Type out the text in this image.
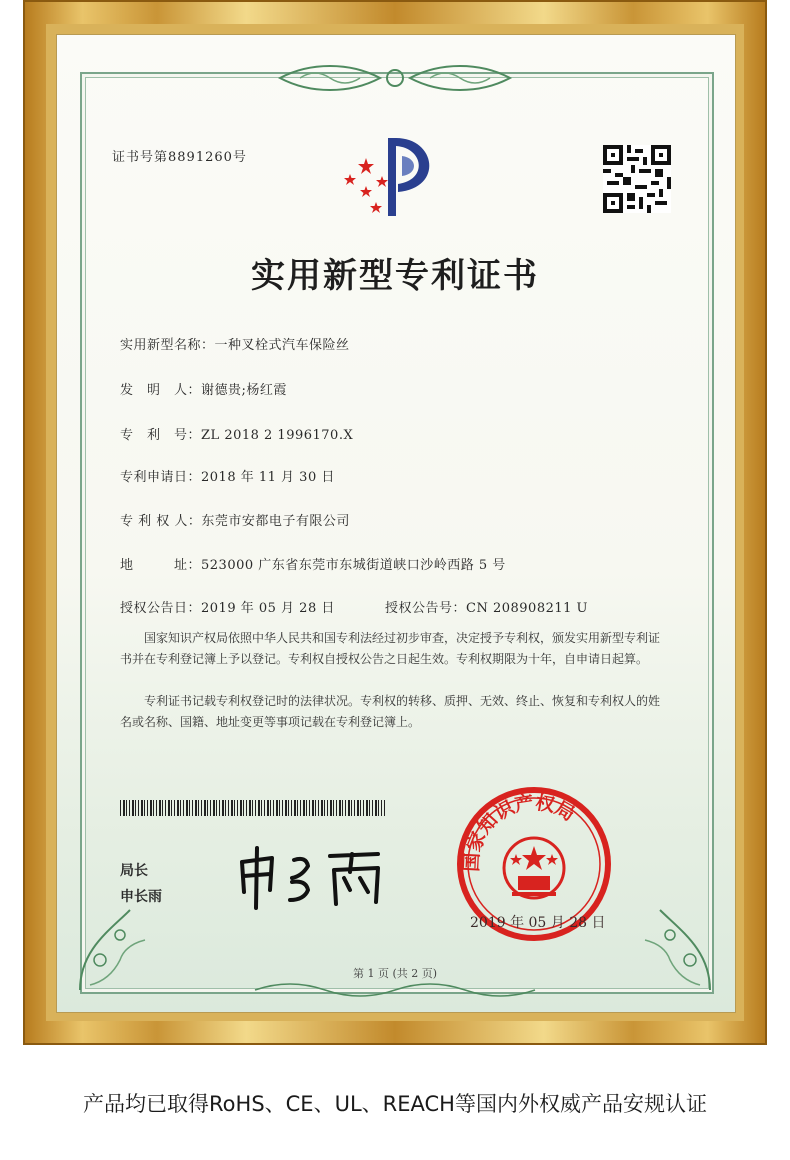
证书号第8891260号
实用新型专利证书
实用新型名称：一种叉栓式汽车保险丝
发　明　人：谢德贵;杨红霞
专　利　号：ZL 2018 2 1996170.X
专利申请日：2018 年 11 月 30 日
专 利 权 人：东莞市安都电子有限公司
地　　　址：523000 广东省东莞市东城街道峡口沙岭西路 5 号
授权公告日：2019 年 05 月 28 日	授权公告号：CN 208908211 U
国家知识产权局依照中华人民共和国专利法经过初步审查，决定授予专利权，颁发实用新型专利证书并在专利登记簿上予以登记。专利权自授权公告之日起生效。专利权期限为十年，自申请日起算。
专利证书记载专利权登记时的法律状况。专利权的转移、质押、无效、终止、恢复和专利权人的姓名或名称、国籍、地址变更等事项记载在专利登记簿上。
局长
申长雨
国家知识产权局
2019 年 05 月 28 日
第 1 页 (共 2 页)
产品均已取得RoHS、CE、UL、REACH等国内外权威产品安规认证
